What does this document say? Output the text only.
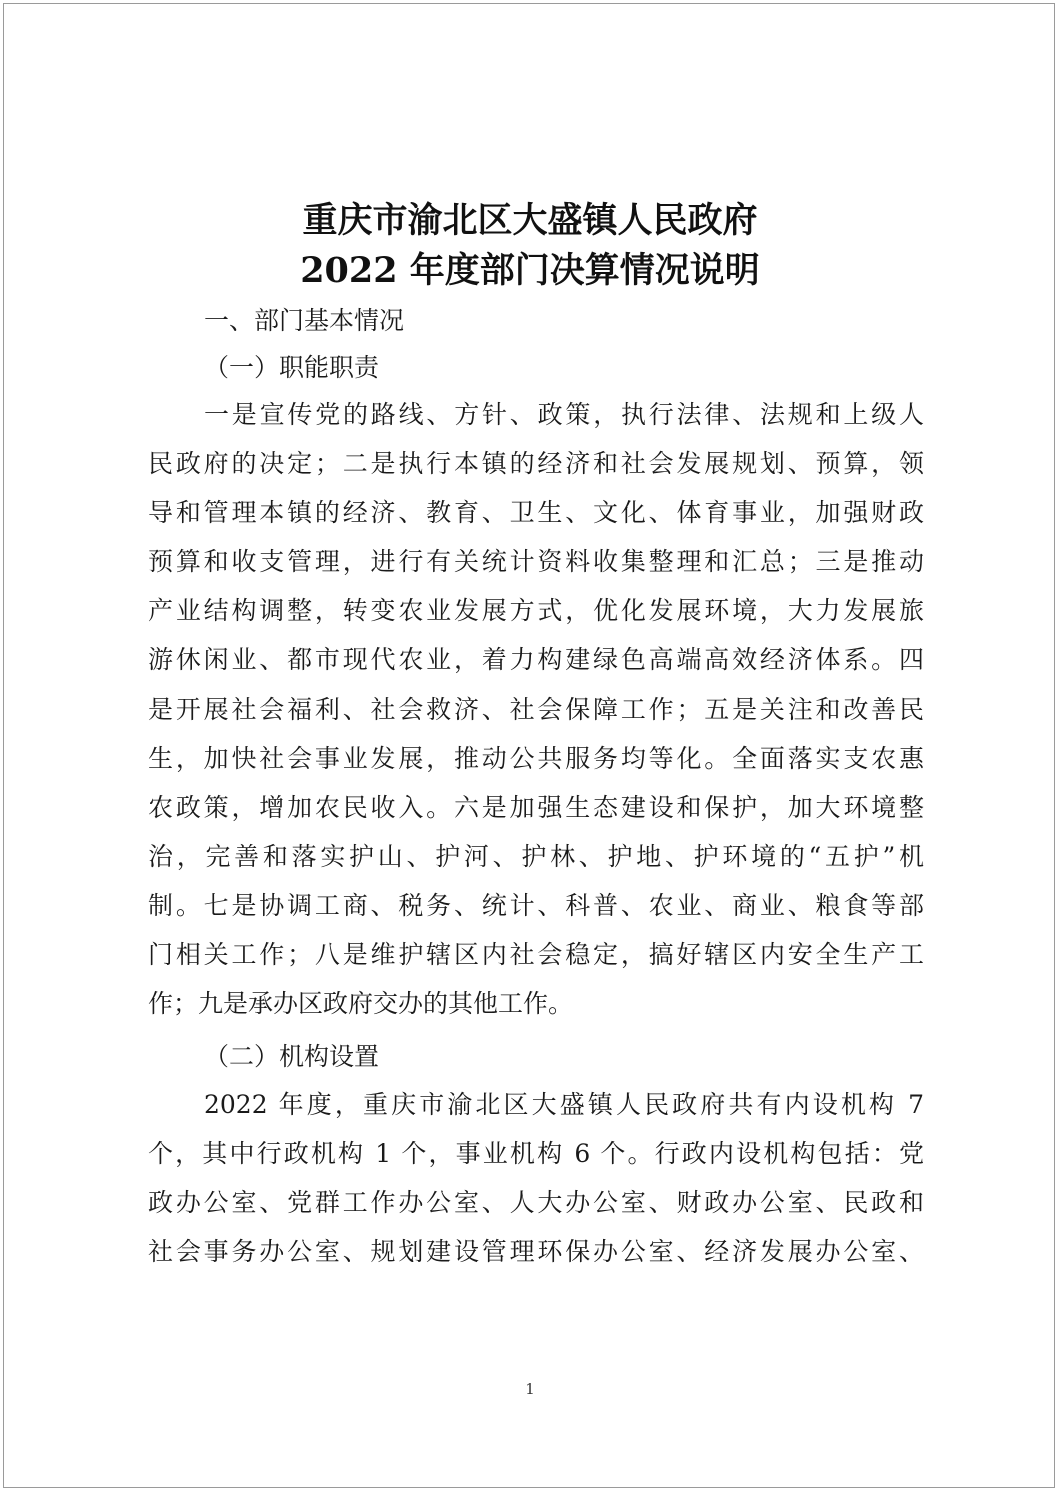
重庆市渝北区大盛镇人民政府
2022 年度部门决算情况说明
一、部门基本情况
（一）职能职责
一是宣传党的路线、方针、政策，执行法律、法规和上级人
民政府的决定；二是执行本镇的经济和社会发展规划、预算，领
导和管理本镇的经济、教育、卫生、文化、体育事业，加强财政
预算和收支管理，进行有关统计资料收集整理和汇总；三是推动
产业结构调整，转变农业发展方式，优化发展环境，大力发展旅
游休闲业、都市现代农业，着力构建绿色高端高效经济体系。四
是开展社会福利、社会救济、社会保障工作；五是关注和改善民
生，加快社会事业发展，推动公共服务均等化。全面落实支农惠
农政策，增加农民收入。六是加强生态建设和保护，加大环境整
治，完善和落实护山、护河、护林、护地、护环境的“五护”机
制。七是协调工商、税务、统计、科普、农业、商业、粮食等部
门相关工作；八是维护辖区内社会稳定，搞好辖区内安全生产工
作；九是承办区政府交办的其他工作。
（二）机构设置
2022 年度，重庆市渝北区大盛镇人民政府共有内设机构 7
个，其中行政机构 1 个，事业机构 6 个。行政内设机构包括：党
政办公室、党群工作办公室、人大办公室、财政办公室、民政和
社会事务办公室、规划建设管理环保办公室、经济发展办公室、
1
